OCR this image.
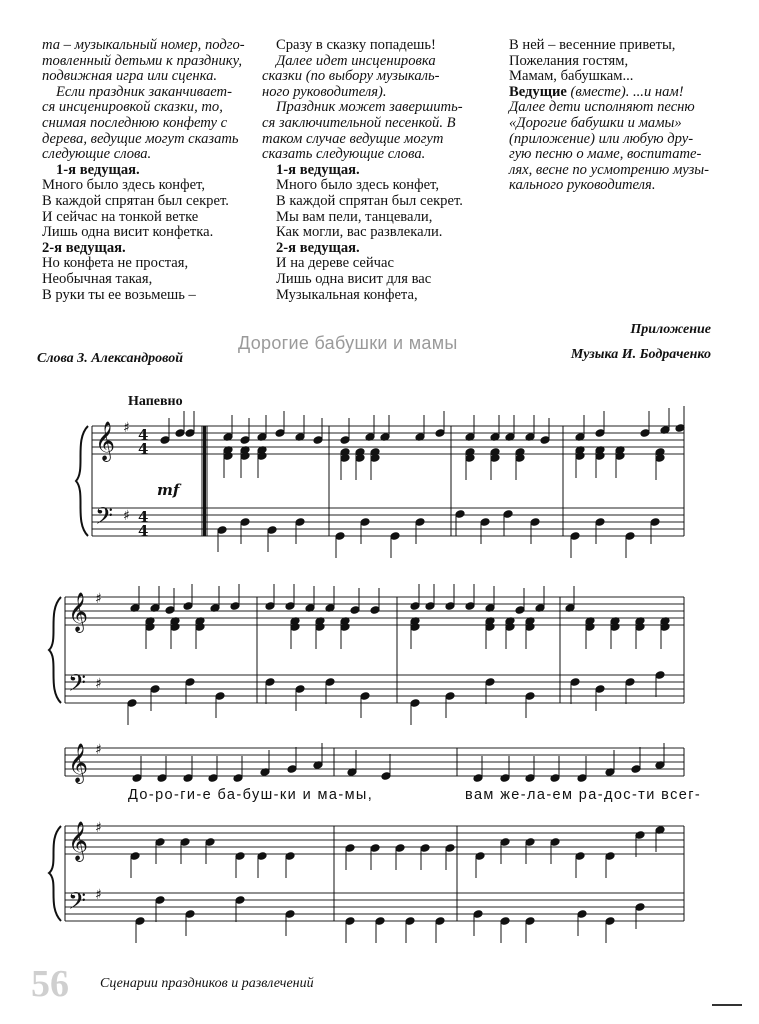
та – музыкальный номер, подго-
товленный детьми к празднику,
подвижная игра или сценка.
Если праздник заканчивает-
ся инсценировкой сказки, то,
снимая последнюю конфету с
дерева, ведущие могут сказать
следующие слова.
1-я ведущая.
Много было здесь конфет,
В каждой спрятан был секрет.
И сейчас на тонкой ветке
Лишь одна висит конфетка.
2-я ведущая.
Но конфета не простая,
Необычная такая,
В руки ты ее возьмешь –
Сразу в сказку попадешь!
Далее идет инсценировка
сказки (по выбору музыкаль-
ного руководителя).
Праздник может завершить-
ся заключительной песенкой. В
таком случае ведущие могут
сказать следующие слова.
1-я ведущая.
Много было здесь конфет,
В каждой спрятан был секрет.
Мы вам пели, танцевали,
Как могли, вас развлекали.
2-я ведущая.
И на дереве сейчас
Лишь одна висит для вас
Музыкальная конфета,
В ней – весенние приветы,
Пожелания гостям,
Мамам, бабушкам...
Ведущие (вместе). ...и нам!
Далее дети исполняют песню
«Дорогие бабушки и мамы»
(приложение) или любую дру-
гую песню о маме, воспитате-
лях, весне по усмотрению музы-
кального руководителя.
Приложение
Дорогие бабушки и мамы
Слова З. Александровой	Музыка И. Бодраченко
Напевно
𝄞
𝄢
𝄞
𝄢
𝄞
𝄞
𝄢
♯
♯
♯
♯
♯
♯
♯
4
4
4
4
mf
До-ро-ги-е ба-буш-ки и ма-мы,	вам же-ла-ем ра-дос-ти всег-
56 Сценарии праздников и развлечений
